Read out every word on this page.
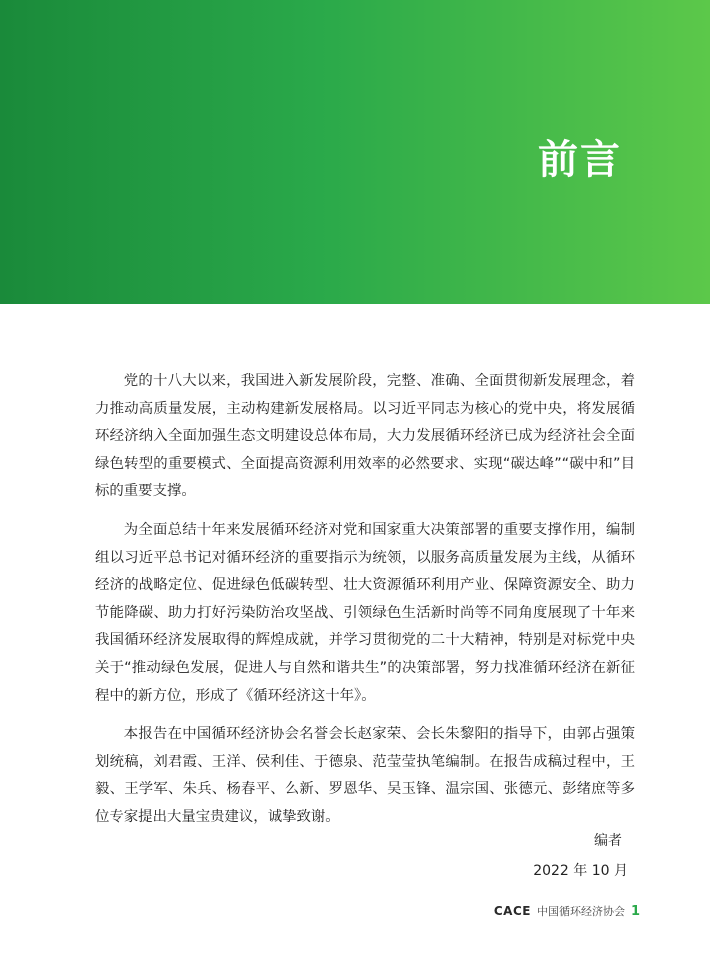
前言

党的十八大以来，我国进入新发展阶段，完整、准确、全面贯彻新发展理念，着力推动高质量发展，主动构建新发展格局。以习近平同志为核心的党中央，将发展循环经济纳入全面加强生态文明建设总体布局，大力发展循环经济已成为经济社会全面绿色转型的重要模式、全面提高资源利用效率的必然要求、实现“碳达峰”“碳中和”目标的重要支撑。

为全面总结十年来发展循环经济对党和国家重大决策部署的重要支撑作用，编制组以习近平总书记对循环经济的重要指示为统领，以服务高质量发展为主线，从循环经济的战略定位、促进绿色低碳转型、壮大资源循环利用产业、保障资源安全、助力节能降碳、助力打好污染防治攻坚战、引领绿色生活新时尚等不同角度展现了十年来我国循环经济发展取得的辉煌成就，并学习贯彻党的二十大精神，特别是对标党中央关于“推动绿色发展，促进人与自然和谐共生”的决策部署，努力找准循环经济在新征程中的新方位，形成了《循环经济这十年》。

本报告在中国循环经济协会名誉会长赵家荣、会长朱黎阳的指导下，由郭占强策划统稿，刘君霞、王洋、侯利佳、于德泉、范莹莹执笔编制。在报告成稿过程中，王毅、王学军、朱兵、杨春平、么新、罗恩华、吴玉锋、温宗国、张德元、彭绪庶等多位专家提出大量宝贵建议，诚挚致谢。

编者
2022 年 10 月
CACE 中国循环经济协会 1
